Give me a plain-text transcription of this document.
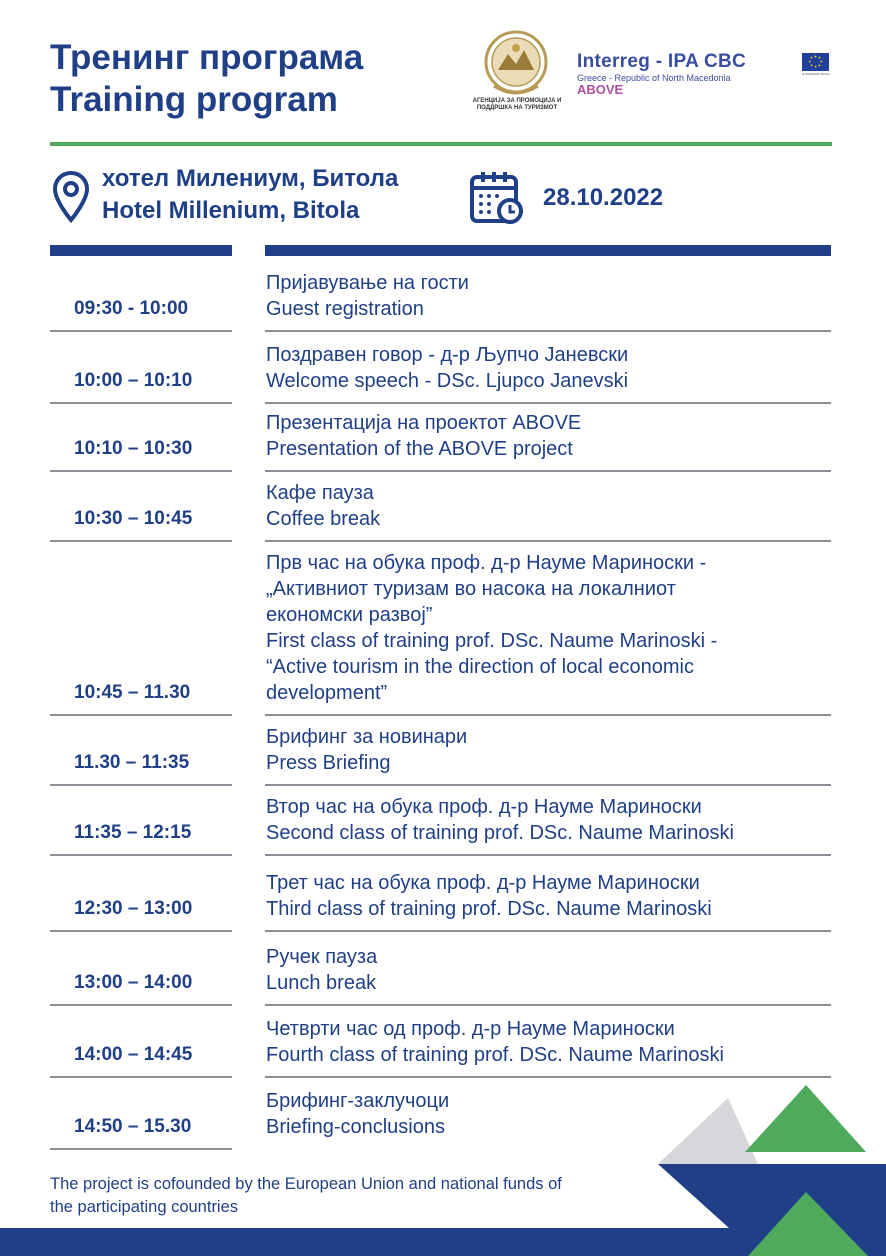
Тренинг програма
Training program	АГЕНЦИЈА ЗА ПРОМОЦИЈА И ПОДДРШКА НА ТУРИЗМОТ
Interreg - IPA CBC
Greece - Republic of North Macedonia
ABOVE
EUROPEAN UNION
хотел Милениум, Битола
Hotel Millenium, Bitola	28.10.2022
09:30 - 10:00
Пријавување на гости
Guest registration
10:00 – 10:10
Поздравен говор - д-р Љупчо Јаневски
Welcome speech - DSc. Ljupco Janevski
10:10 – 10:30
Презентација на проектот ABOVE
Presentation of the ABOVE project
10:30 – 10:45
Кафе пауза
Coffee break
10:45 – 11.30
Прв час на обука проф. д-р Науме Мариноски -
„Активниот туризам во насока на локалниот
економски развој”
First class of training prof. DSc. Naume Marinoski -
“Active tourism in the direction of local economic
development”
11.30 – 11:35
Брифинг за новинари
Press Briefing
11:35 – 12:15
Втор час на обука проф. д-р Науме Мариноски
Second class of training prof. DSc. Naume Marinoski
12:30 – 13:00
Трет час на обука проф. д-р Науме Мариноски
Third class of training prof. DSc. Naume Marinoski
13:00 – 14:00
Ручек пауза
Lunch break
14:00 – 14:45
Четврти час од проф. д-р Науме Мариноски
Fourth class of training prof. DSc. Naume Marinoski
14:50 – 15.30
Брифинг-заклучоци
Briefing-conclusions
The project is cofounded by the European Union and national funds of the participating countries
